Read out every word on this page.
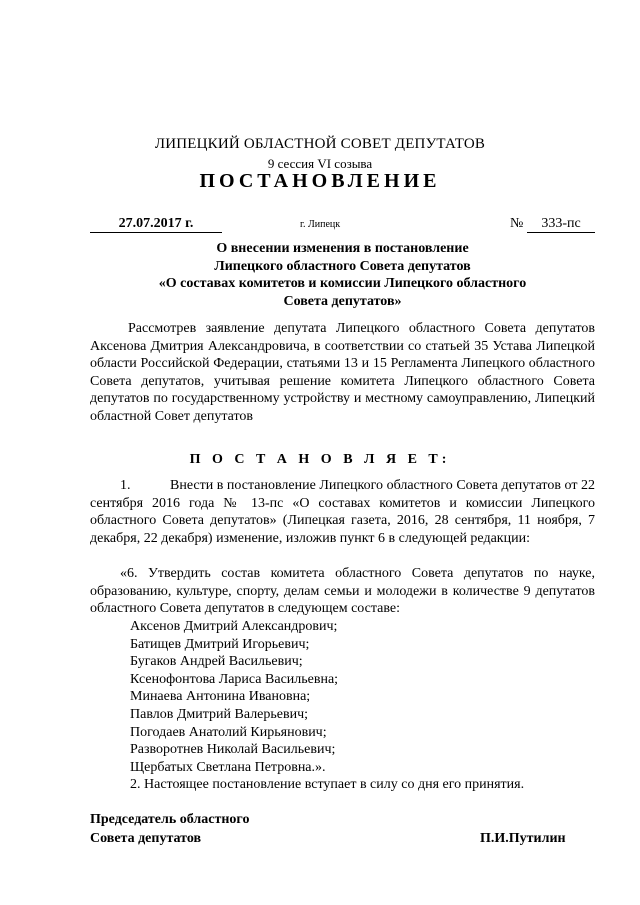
ЛИПЕЦКИЙ ОБЛАСТНОЙ СОВЕТ ДЕПУТАТОВ
9 сессия VI созыва
ПОСТАНОВЛЕНИЕ
27.07.2017 г.	г. Липецк	№	333-пс
О внесении изменения в постановление
Липецкого областного Совета депутатов
«О составах комитетов и комиссии Липецкого областного
Совета депутатов»
Рассмотрев заявление депутата Липецкого областного Совета депутатов Аксенова Дмитрия Александровича, в соответствии со статьей 35 Устава Липецкой области Российской Федерации, статьями 13 и 15 Регламента Липецкого областного Совета депутатов, учитывая решение комитета Липецкого областного Совета депутатов по государственному устройству и местному самоуправлению, Липецкий областной Совет депутатов
П О С Т А Н О В Л Я Е Т:
1.	Внести в постановление Липецкого областного Совета депутатов от 22 сентября 2016 года № 13-пс «О составах комитетов и комиссии Липецкого областного Совета депутатов» (Липецкая газета, 2016, 28 сентября, 11 ноября, 7 декабря, 22 декабря) изменение, изложив пункт 6 в следующей редакции:
«6. Утвердить состав комитета областного Совета депутатов по науке, образованию, культуре, спорту, делам семьи и молодежи в количестве 9 депутатов областного Совета депутатов в следующем составе:
Аксенов Дмитрий Александрович;
Батищев Дмитрий Игорьевич;
Бугаков Андрей Васильевич;
Ксенофонтова Лариса Васильевна;
Минаева Антонина Ивановна;
Павлов Дмитрий Валерьевич;
Погодаев Анатолий Кирьянович;
Разворотнев Николай Васильевич;
Щербатых Светлана Петровна.».
2. Настоящее постановление вступает в силу со дня его принятия.
Председатель областного
Совета депутатов	П.И.Путилин
